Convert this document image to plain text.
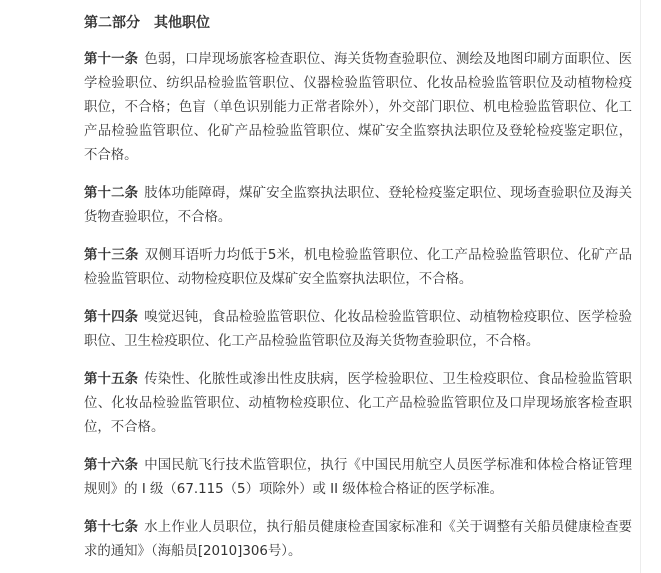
第二部分　其他职位

第十一条 色弱，口岸现场旅客检查职位、海关货物查验职位、测绘及地图印刷方面职位、医学检验职位、纺织品检验监管职位、仪器检验监管职位、化妆品检验监管职位及动植物检疫职位，不合格；色盲（单色识别能力正常者除外），外交部门职位、机电检验监管职位、化工产品检验监管职位、化矿产品检验监管职位、煤矿安全监察执法职位及登轮检疫鉴定职位，不合格。

第十二条 肢体功能障碍，煤矿安全监察执法职位、登轮检疫鉴定职位、现场查验职位及海关货物查验职位，不合格。

第十三条 双侧耳语听力均低于5米，机电检验监管职位、化工产品检验监管职位、化矿产品检验监管职位、动物检疫职位及煤矿安全监察执法职位，不合格。

第十四条 嗅觉迟钝，食品检验监管职位、化妆品检验监管职位、动植物检疫职位、医学检验职位、卫生检疫职位、化工产品检验监管职位及海关货物查验职位，不合格。

第十五条 传染性、化脓性或渗出性皮肤病，医学检验职位、卫生检疫职位、食品检验监管职位、化妆品检验监管职位、动植物检疫职位、化工产品检验监管职位及口岸现场旅客检查职位，不合格。

第十六条 中国民航飞行技术监管职位，执行《中国民用航空人员医学标准和体检合格证管理规则》的 I 级（67.115（5）项除外）或 II 级体检合格证的医学标准。

第十七条 水上作业人员职位，执行船员健康检查国家标准和《关于调整有关船员健康检查要求的通知》（海船员[2010]306号）。
